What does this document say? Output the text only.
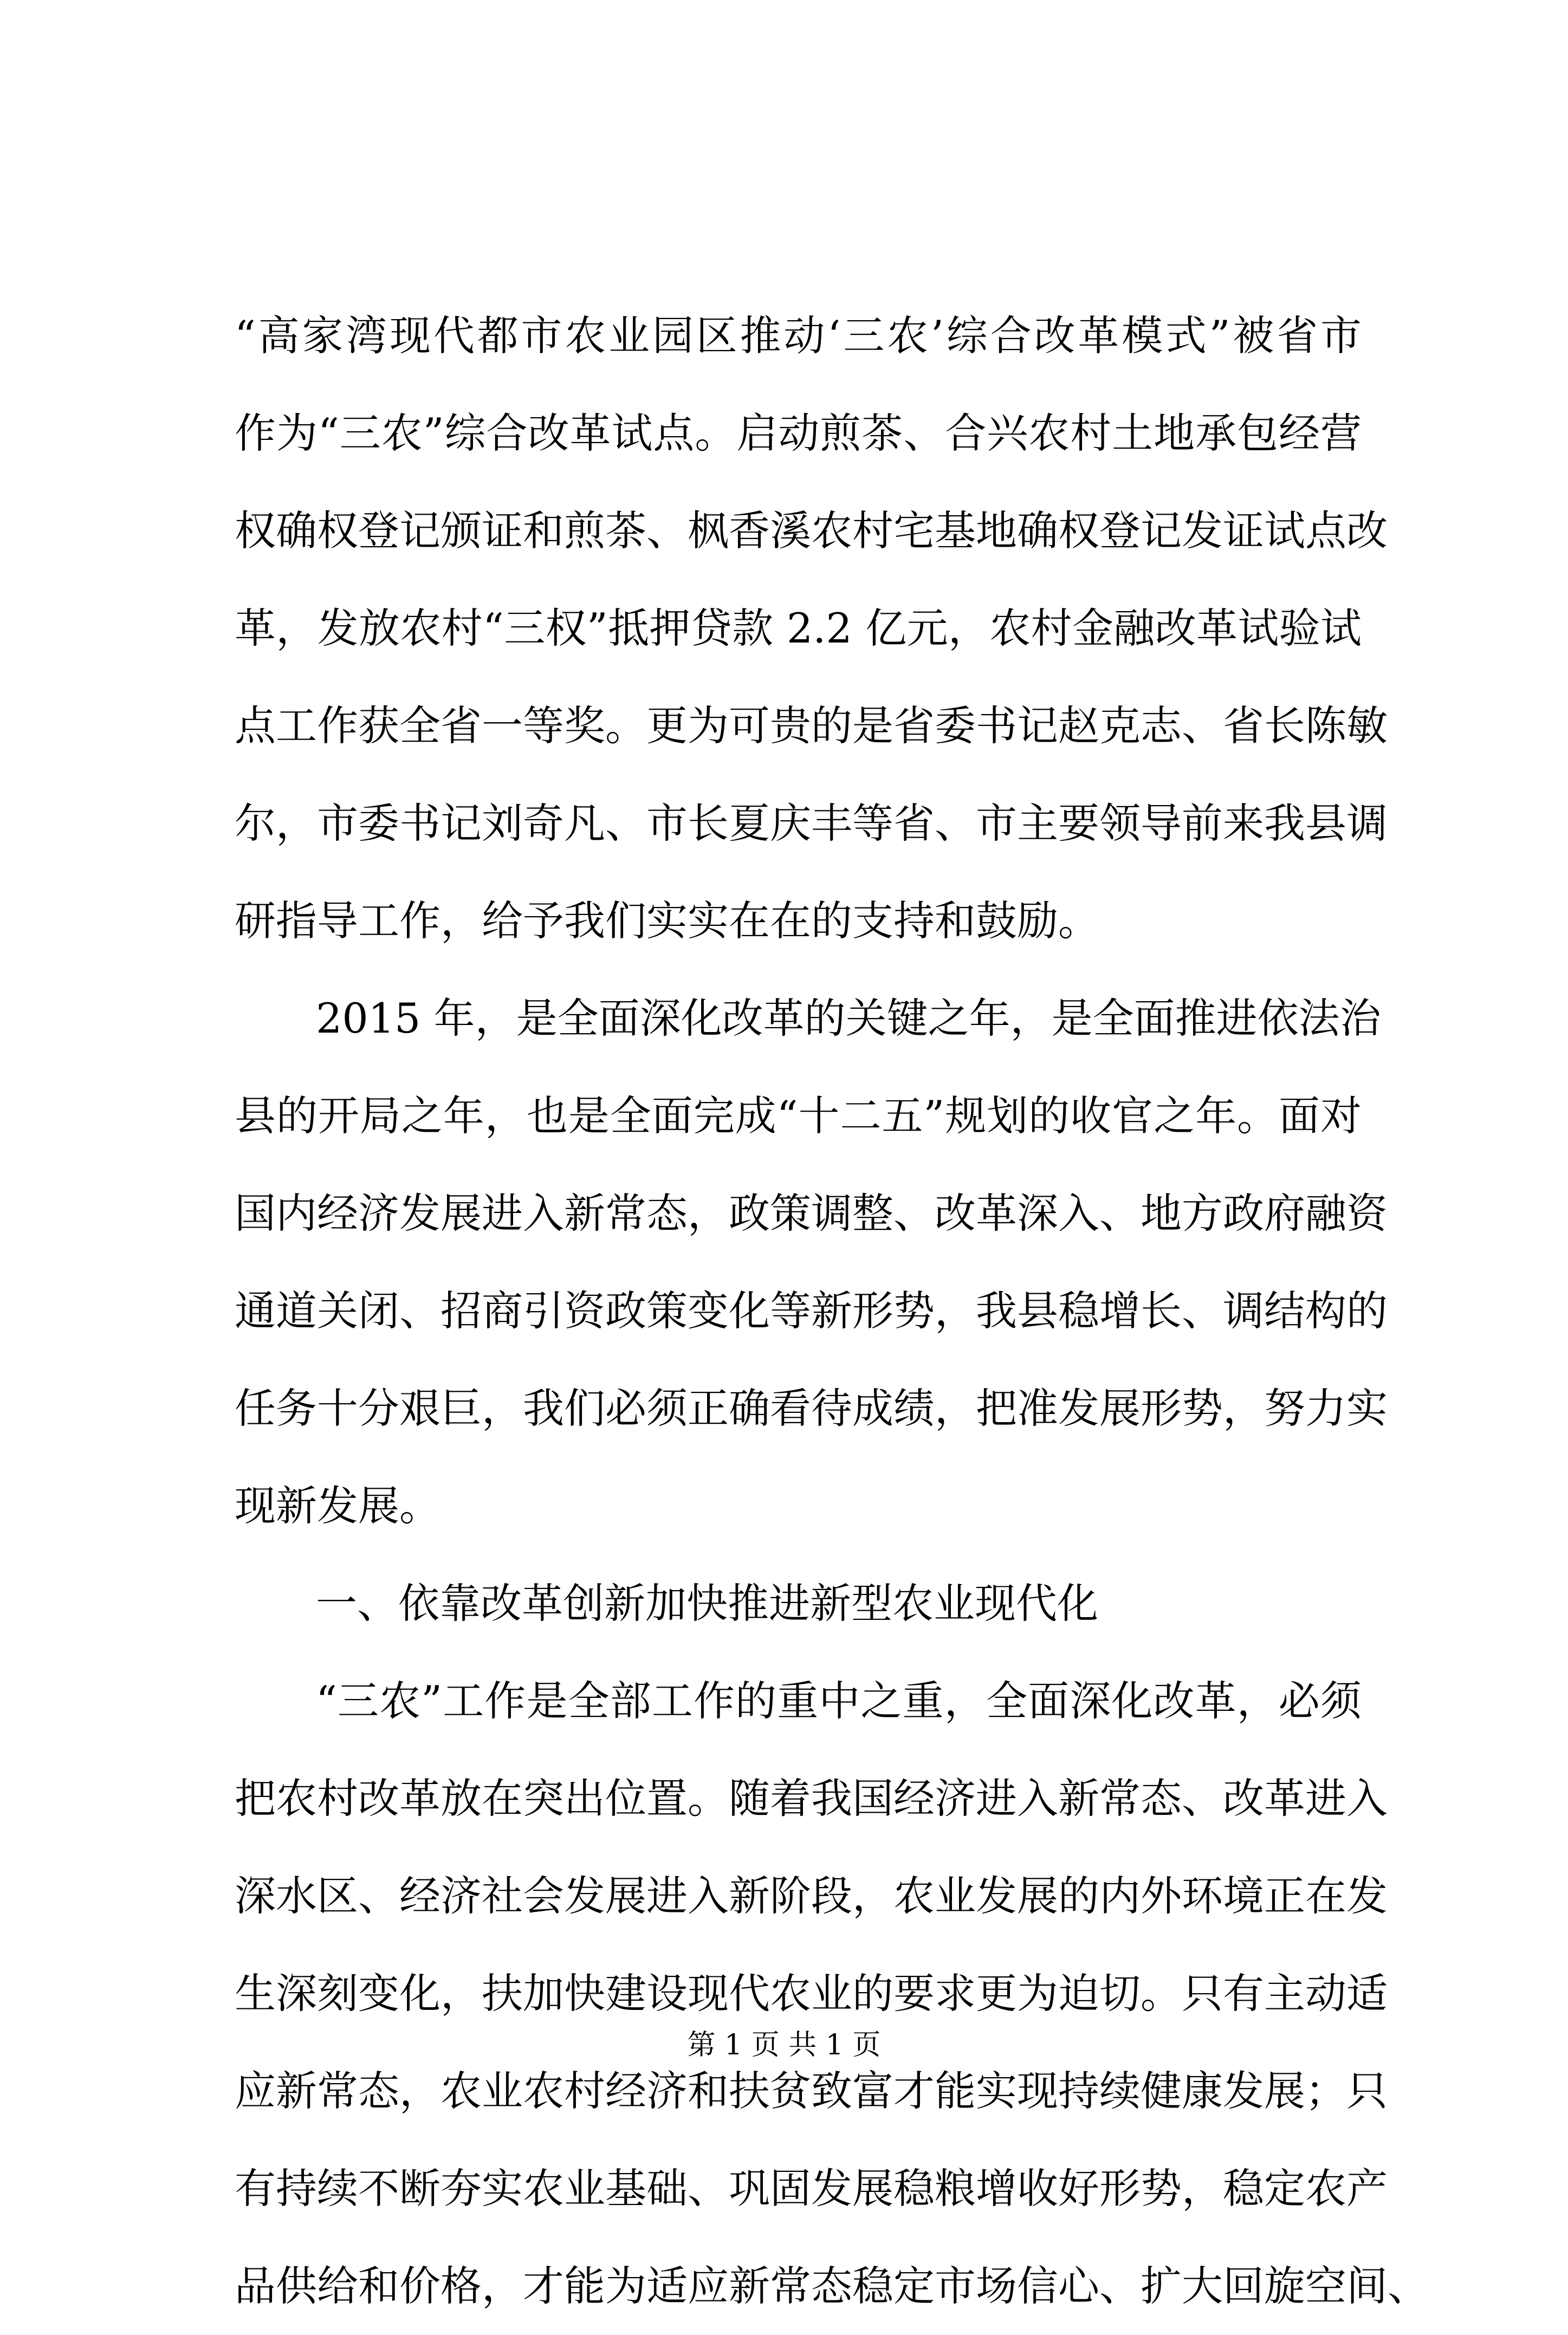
“高家湾现代都市农业园区推动‘三农’综合改革模式”被省市
作为“三农”综合改革试点。启动煎茶、合兴农村土地承包经营
权确权登记颁证和煎茶、枫香溪农村宅基地确权登记发证试点改
革，发放农村“三权”抵押贷款 2.2 亿元，农村金融改革试验试
点工作获全省一等奖。更为可贵的是省委书记赵克志、省长陈敏
尔，市委书记刘奇凡、市长夏庆丰等省、市主要领导前来我县调
研指导工作，给予我们实实在在的支持和鼓励。
2015 年，是全面深化改革的关键之年，是全面推进依法治
县的开局之年，也是全面完成“十二五”规划的收官之年。面对
国内经济发展进入新常态，政策调整、改革深入、地方政府融资
通道关闭、招商引资政策变化等新形势，我县稳增长、调结构的
任务十分艰巨，我们必须正确看待成绩，把准发展形势，努力实
现新发展。
一、依靠改革创新加快推进新型农业现代化
“三农”工作是全部工作的重中之重，全面深化改革，必须
把农村改革放在突出位置。随着我国经济进入新常态、改革进入
深水区、经济社会发展进入新阶段，农业发展的内外环境正在发
生深刻变化，扶加快建设现代农业的要求更为迫切。只有主动适
应新常态，农业农村经济和扶贫致富才能实现持续健康发展；只
有持续不断夯实农业基础、巩固发展稳粮增收好形势，稳定农产
品供给和价格，才能为适应新常态稳定市场信心、扩大回旋空间、
第 1 页 共 1 页
